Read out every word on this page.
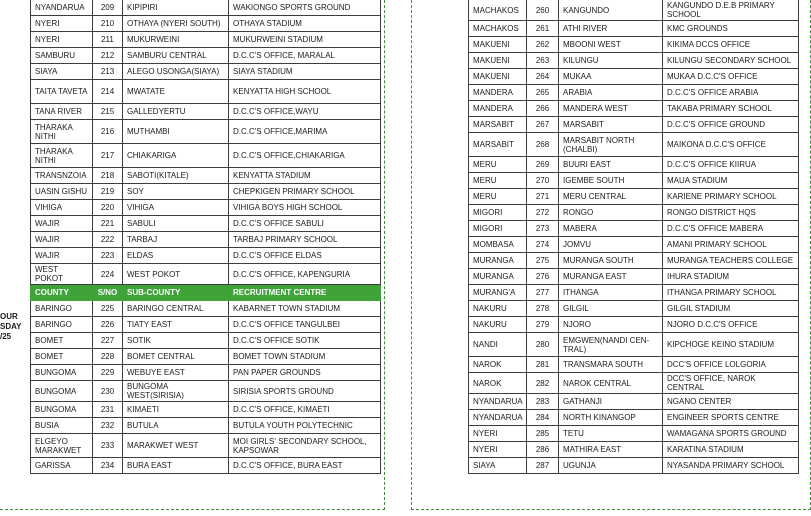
OUR
SDAY
/25
NYANDARUA	209	KIPIPIRI	WAKIONGO SPORTS GROUND
NYERI	210	OTHAYA (NYERI SOUTH)	OTHAYA STADIUM
NYERI	211	MUKURWEINI	MUKURWEINI STADIUM
SAMBURU	212	SAMBURU CENTRAL	D.C.C'S OFFICE, MARALAL
SIAYA	213	ALEGO USONGA(SIAYA)	SIAYA STADIUM
TAITA TAVETA	214	MWATATE	KENYATTA HIGH SCHOOL
TANA RIVER	215	GALLEDYERTU	D.C.C'S OFFICE,WAYU
THARAKA NITHI	216	MUTHAMBI	D.C.C'S OFFICE,MARIMA
THARAKA NITHI	217	CHIAKARIGA	D.C.C'S OFFICE,CHIAKARIGA
TRANSNZOIA	218	SABOTI(KITALE)	KENYATTA STADIUM
UASIN GISHU	219	SOY	CHEPKIGEN PRIMARY SCHOOL
VIHIGA	220	VIHIGA	VIHIGA BOYS HIGH SCHOOL
WAJIR	221	SABULI	D.C.C'S OFFICE SABULI
WAJIR	222	TARBAJ	TARBAJ PRIMARY SCHOOL
WAJIR	223	ELDAS	D.C.C'S OFFICE ELDAS
WEST POKOT	224	WEST POKOT	D.C.C'S OFFICE, KAPENGURIA
COUNTY	S/NO	SUB-COUNTY	RECRUITMENT CENTRE
BARINGO	225	BARINGO CENTRAL	KABARNET TOWN STADIUM
BARINGO	226	TIATY EAST	D.C.C'S OFFICE TANGULBEI
BOMET	227	SOTIK	D.C.C'S OFFICE SOTIK
BOMET	228	BOMET CENTRAL	BOMET TOWN STADIUM
BUNGOMA	229	WEBUYE EAST	PAN PAPER GROUNDS
BUNGOMA	230	BUNGOMA WEST(SIRISIA)	SIRISIA SPORTS GROUND
BUNGOMA	231	KIMAETI	D.C.C'S OFFICE, KIMAETI
BUSIA	232	BUTULA	BUTULA YOUTH POLYTECHNIC
ELGEYO MARAKWET	233	MARAKWET WEST	MOI GIRLS' SECONDARY SCHOOL, KAPSOWAR
GARISSA	234	BURA EAST	D.C.C'S OFFICE, BURA EAST
MACHAKOS	260	KANGUNDO	KANGUNDO D.E.B PRIMARY SCHOOL
MACHAKOS	261	ATHI RIVER	KMC GROUNDS
MAKUENI	262	MBOONI WEST	KIKIMA DCCS OFFICE
MAKUENI	263	KILUNGU	KILUNGU SECONDARY SCHOOL
MAKUENI	264	MUKAA	MUKAA D.C.C'S OFFICE
MANDERA	265	ARABIA	D.C.C'S OFFICE ARABIA
MANDERA	266	MANDERA WEST	TAKABA PRIMARY SCHOOL
MARSABIT	267	MARSABIT	D.C.C'S OFFICE GROUND
MARSABIT	268	MARSABIT NORTH (CHALBI)	MAIKONA D.C.C'S OFFICE
MERU	269	BUURI EAST	D.C.C'S OFFICE KIIRUA
MERU	270	IGEMBE SOUTH	MAUA STADIUM
MERU	271	MERU CENTRAL	KARIENE PRIMARY SCHOOL
MIGORI	272	RONGO	RONGO DISTRICT HQS
MIGORI	273	MABERA	D.C.C'S OFFICE MABERA
MOMBASA	274	JOMVU	AMANI PRIMARY SCHOOL
MURANGA	275	MURANGA SOUTH	MURANGA TEACHERS COLLEGE
MURANGA	276	MURANGA EAST	IHURA STADIUM
MURANG'A	277	ITHANGA	ITHANGA PRIMARY SCHOOL
NAKURU	278	GILGIL	GILGIL STADIUM
NAKURU	279	NJORO	NJORO D.C.C'S OFFICE
NANDI	280	EMGWEN(NANDI CEN-TRAL)	KIPCHOGE KEINO STADIUM
NAROK	281	TRANSMARA SOUTH	DCC'S OFFICE LOLGORIA
NAROK	282	NAROK CENTRAL	DCC'S OFFICE, NAROK CENTRAL
NYANDARUA	283	GATHANJI	NGANO CENTER
NYANDARUA	284	NORTH KINANGOP	ENGINEER SPORTS CENTRE
NYERI	285	TETU	WAMAGANA SPORTS GROUND
NYERI	286	MATHIRA EAST	KARATINA STADIUM
SIAYA	287	UGUNJA	NYASANDA PRIMARY SCHOOL
